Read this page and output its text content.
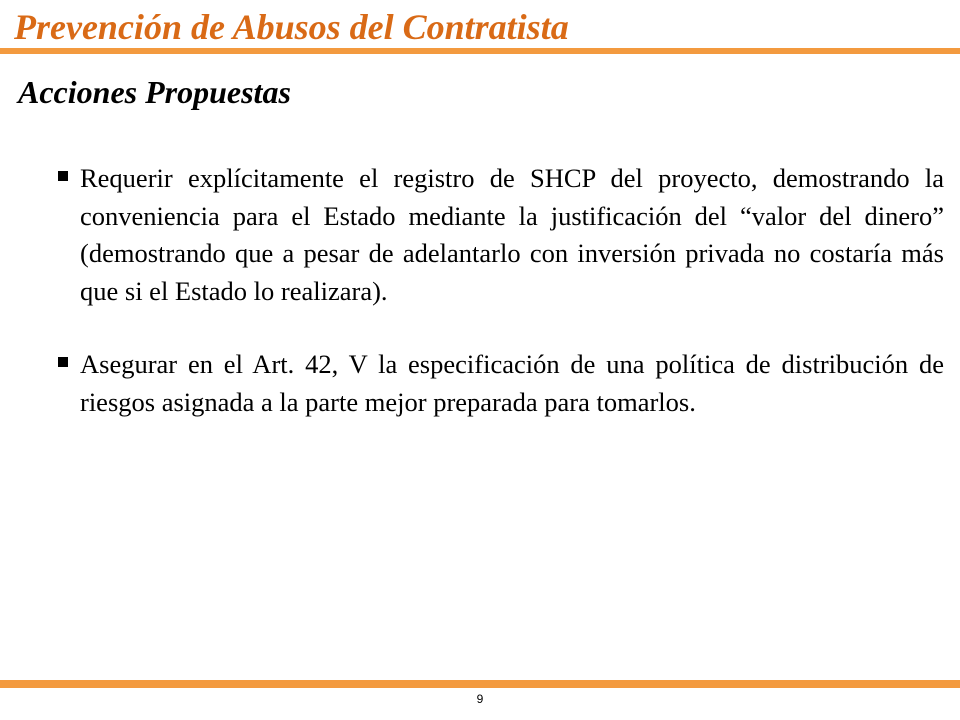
Prevención de Abusos del Contratista
Acciones Propuestas
Requerir explícitamente el registro de SHCP del proyecto, demostrando la conveniencia para el Estado mediante la justificación del “valor del dinero” (demostrando que a pesar de adelantarlo con inversión privada no costaría más que si el Estado lo realizara).
Asegurar en el Art. 42, V la especificación de una política de distribución de riesgos asignada a la parte mejor preparada para tomarlos.
9
